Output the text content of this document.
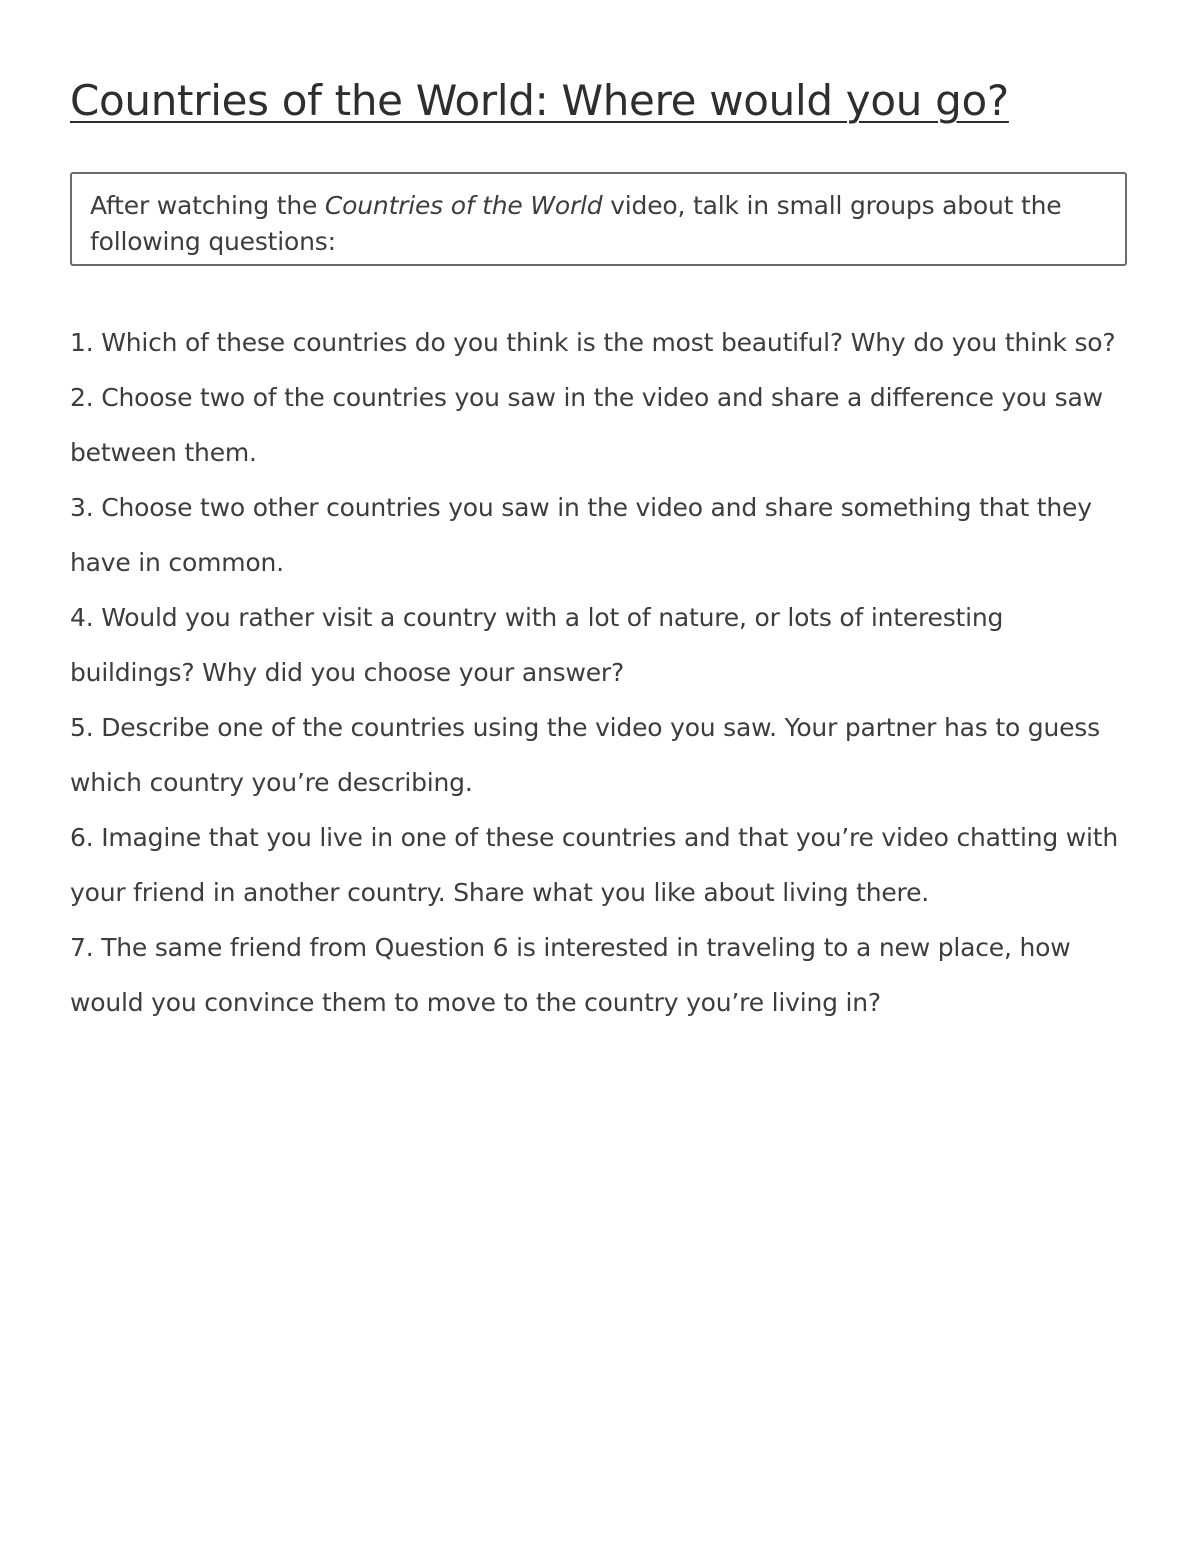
Countries of the World: Where would you go?
After watching the Countries of the World video, talk in small groups about the following questions:
1. Which of these countries do you think is the most beautiful? Why do you think so?
2. Choose two of the countries you saw in the video and share a difference you saw between them.
3. Choose two other countries you saw in the video and share something that they have in common.
4. Would you rather visit a country with a lot of nature, or lots of interesting buildings? Why did you choose your answer?
5. Describe one of the countries using the video you saw. Your partner has to guess which country you’re describing.
6. Imagine that you live in one of these countries and that you’re video chatting with your friend in another country. Share what you like about living there.
7. The same friend from Question 6 is interested in traveling to a new place, how would you convince them to move to the country you’re living in?
